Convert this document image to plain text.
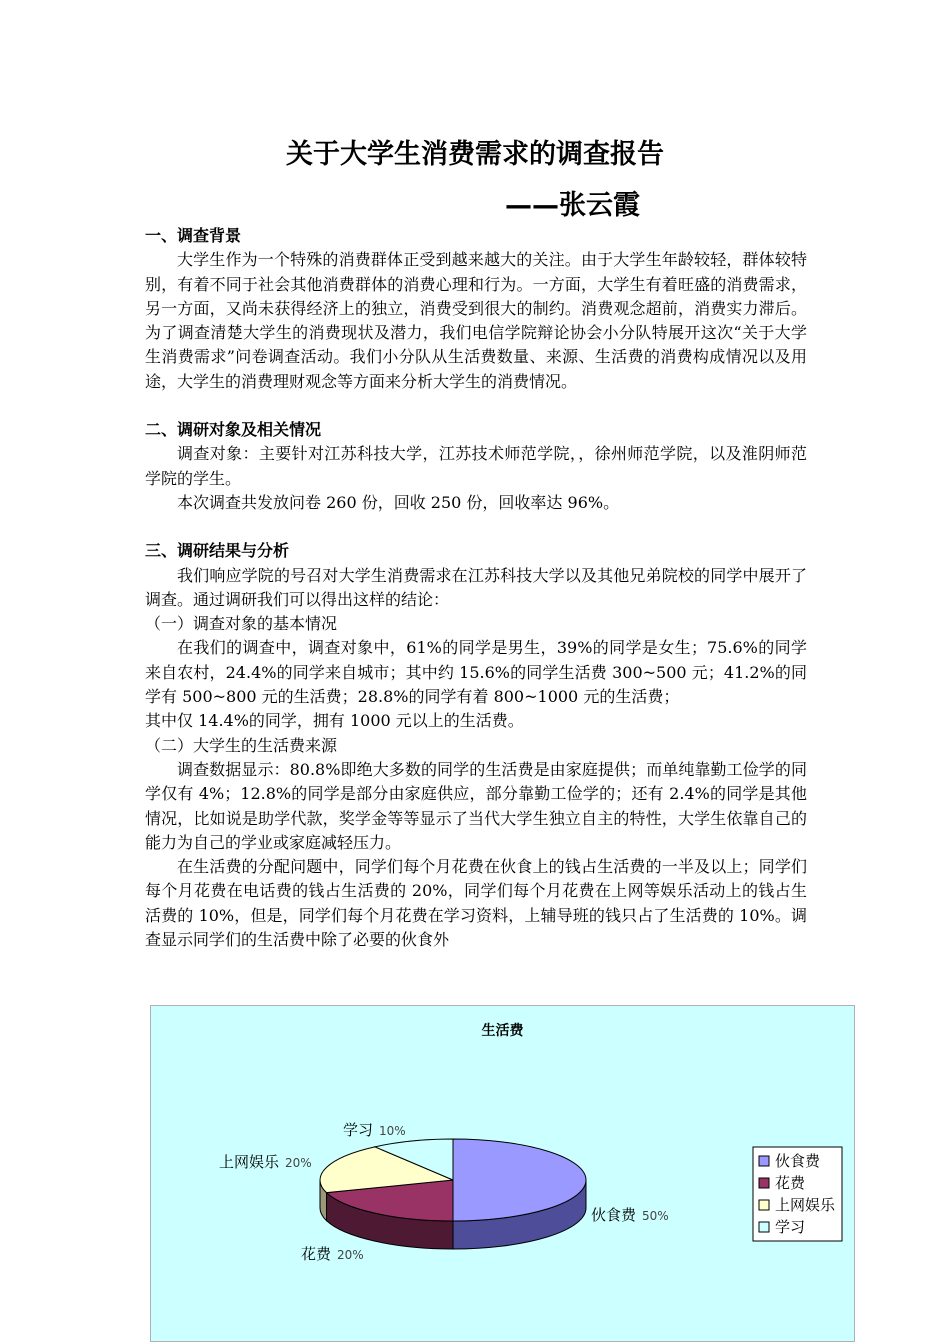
关于大学生消费需求的调查报告
——张云霞
一、调查背景

大学生作为一个特殊的消费群体正受到越来越大的关注。由于大学生年龄较轻，群体较特别，有着不同于社会其他消费群体的消费心理和行为。一方面，大学生有着旺盛的消费需求，另一方面，又尚未获得经济上的独立，消费受到很大的制约。消费观念超前，消费实力滞后。为了调查清楚大学生的消费现状及潜力，我们电信学院辩论协会小分队特展开这次“关于大学生消费需求”问卷调查活动。我们小分队从生活费数量、来源、生活费的消费构成情况以及用途，大学生的消费理财观念等方面来分析大学生的消费情况。

二、调研对象及相关情况

调查对象：主要针对江苏科技大学，江苏技术师范学院，，徐州师范学院，以及淮阴师范学院的学生。

本次调查共发放问卷 260 份，回收 250 份，回收率达 96%。

三、调研结果与分析

我们响应学院的号召对大学生消费需求在江苏科技大学以及其他兄弟院校的同学中展开了调查。通过调研我们可以得出这样的结论：

（一）调查对象的基本情况

在我们的调查中，调查对象中，61%的同学是男生，39%的同学是女生；75.6%的同学来自农村，24.4%的同学来自城市；其中约 15.6%的同学生活费 300~500 元；41.2%的同学有 500~800 元的生活费；28.8%的同学有着 800~1000 元的生活费；

其中仅 14.4%的同学，拥有 1000 元以上的生活费。

（二）大学生的生活费来源

调查数据显示：80.8%即绝大多数的同学的生活费是由家庭提供；而单纯靠勤工俭学的同学仅有 4%；12.8%的同学是部分由家庭供应，部分靠勤工俭学的；还有 2.4%的同学是其他情况，比如说是助学代款，奖学金等等显示了当代大学生独立自主的特性，大学生依靠自己的能力为自己的学业或家庭减轻压力。

在生活费的分配问题中，同学们每个月花费在伙食上的钱占生活费的一半及以上；同学们每个月花费在电话费的钱占生活费的 20%，同学们每个月花费在上网等娱乐活动上的钱占生活费的 10%，但是，同学们每个月花费在学习资料，上辅导班的钱只占了生活费的 10%。调查显示同学们的生活费中除了必要的伙食外

生活费
伙食费 50%
花费 20%
上网娱乐 20%
学习 10%
伙食费
花费
上网娱乐
学习
